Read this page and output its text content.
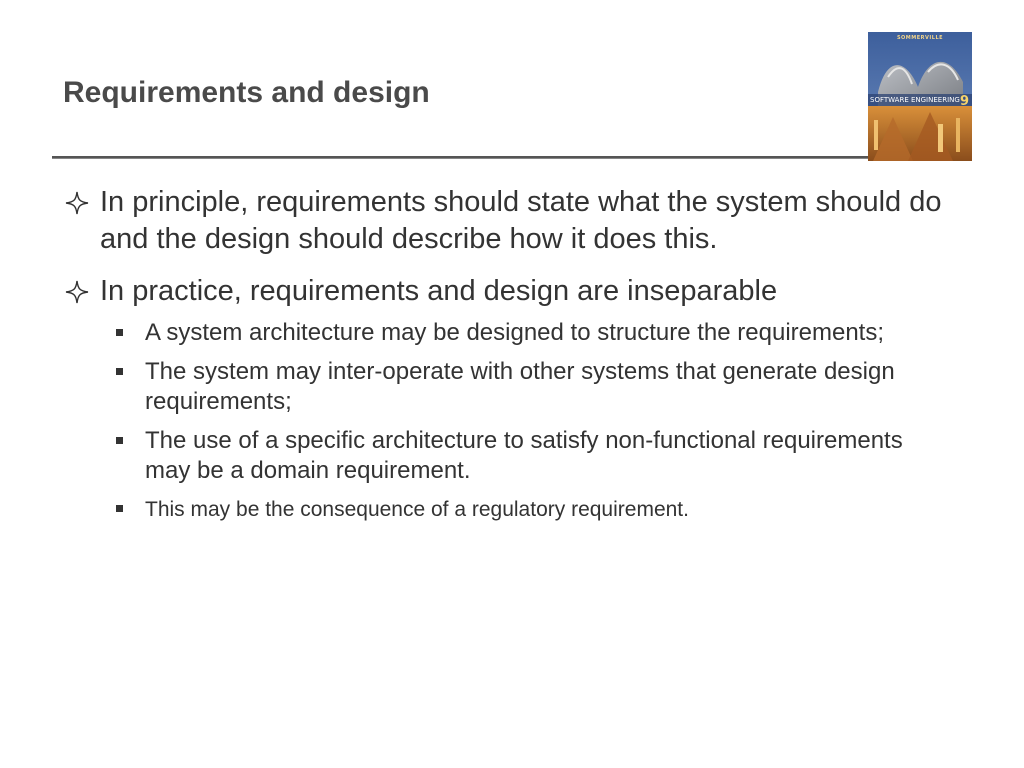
Requirements and design
SOMMERVILLE
SOFTWARE ENGINEERING 9
In principle, requirements should state what the system should do and the design should describe how it does this.
In practice, requirements and design are inseparable
A system architecture may be designed to structure the requirements;
The system may inter-operate with other systems that generate design requirements;
The use of a specific architecture to satisfy non-functional requirements may be a domain requirement.
This may be the consequence of a regulatory requirement.
